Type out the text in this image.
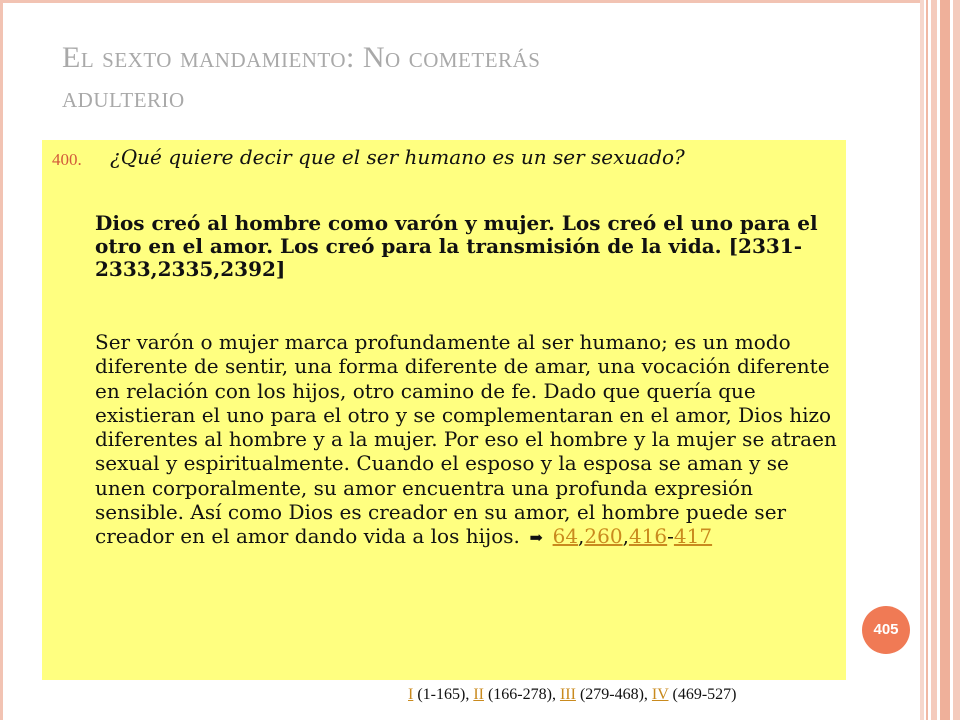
El sexto mandamiento: No cometerás
adulterio
400. ¿Qué quiere decir que el ser humano es un ser sexuado?
Dios creó al hombre como varón y mujer. Los creó el uno para el otro en el amor. Los creó para la transmisión de la vida. [2331-2333,2335,2392]
Ser varón o mujer marca profundamente al ser humano; es un modo diferente de sentir, una forma diferente de amar, una vocación diferente en relación con los hijos, otro camino de fe. Dado que quería que existieran el uno para el otro y se complementaran en el amor, Dios hizo diferentes al hombre y a la mujer. Por eso el hombre y la mujer se atraen sexual y espiritualmente. Cuando el esposo y la esposa se aman y se unen corporalmente, su amor encuentra una profunda expresión sensible. Así como Dios es creador en su amor, el hombre puede ser creador en el amor dando vida a los hijos. ➡ 64,260,416-417
405
I (1-165), II (166-278), III (279-468), IV (469-527)
